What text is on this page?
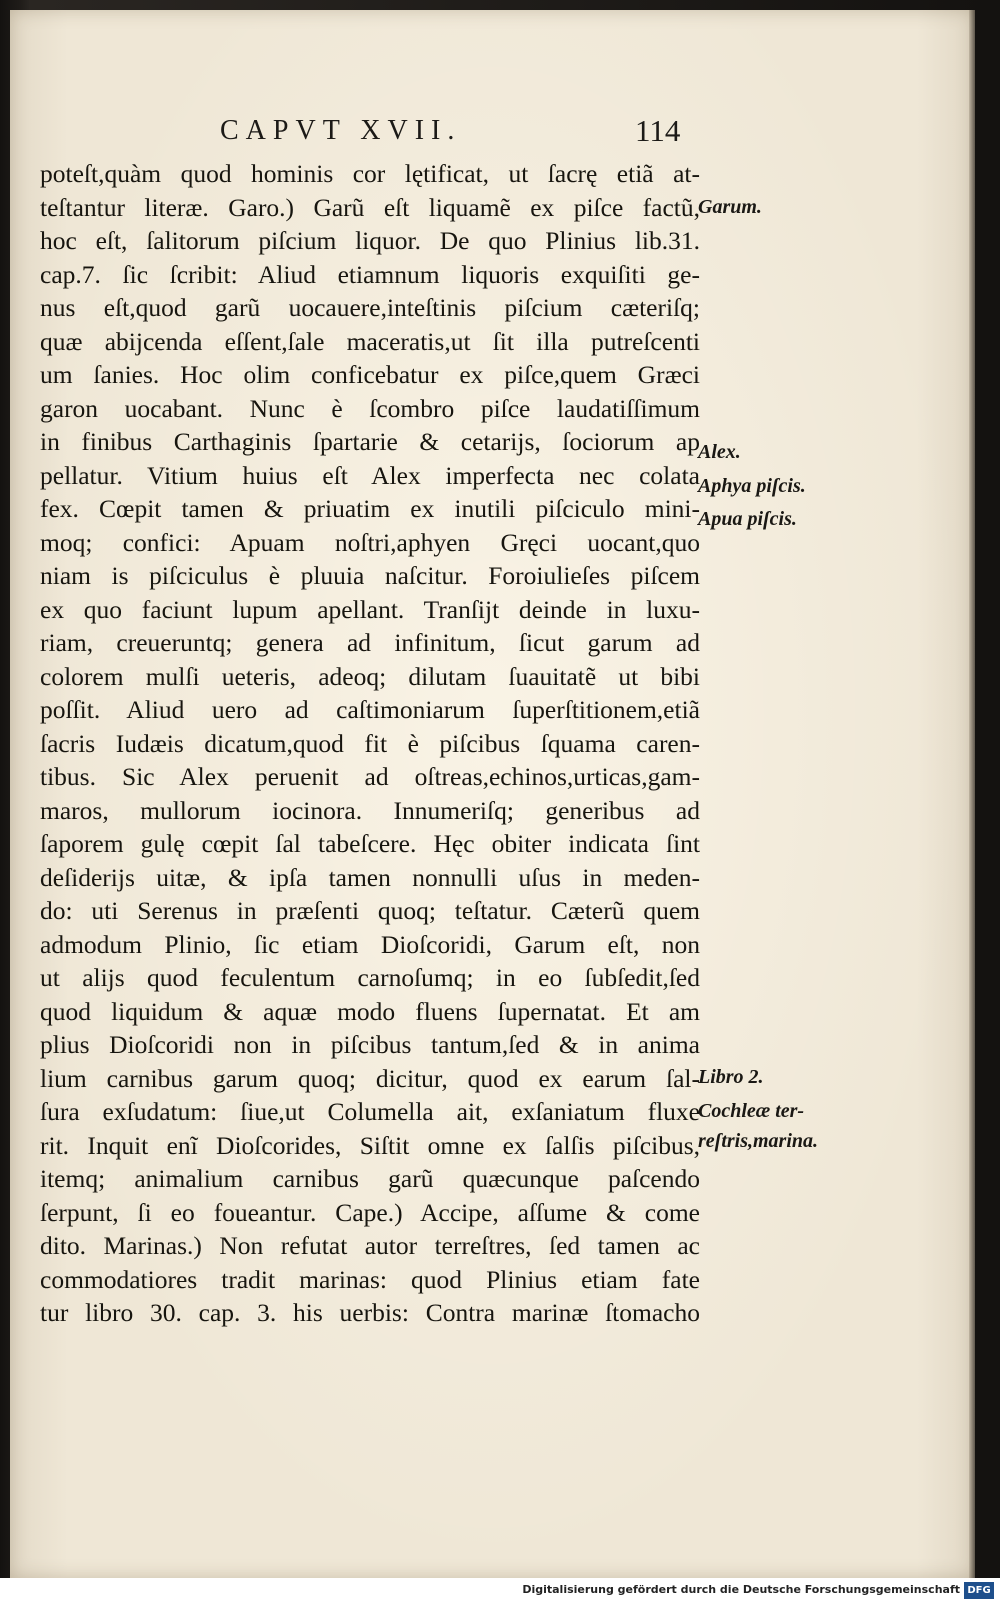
CAPVT XVII.	114
poteſt,quàm quod hominis cor lętificat, ut ſacrę etiã at-
teſtantur literæ. Garo.) Garũ eſt liquamẽ ex piſce factũ,
hoc eſt, ſalitorum piſcium liquor. De quo Plinius lib.31.
cap.7. ſic ſcribit: Aliud etiamnum liquoris exquiſiti ge-
nus eſt,quod garũ uocauere,inteſtinis piſcium cæteriſq;
quæ abijcenda eſſent,ſale maceratis,ut ſit illa putreſcenti
um ſanies. Hoc olim conficebatur ex piſce,quem Græci
garon uocabant. Nunc è ſcombro piſce laudatiſſimum
in finibus Carthaginis ſpartarie & cetarijs, ſociorum ap
pellatur. Vitium huius eſt Alex imperfecta nec colata
fex. Cœpit tamen & priuatim ex inutili piſciculo mini-
moq; confici: Apuam noſtri,aphyen Gręci uocant,quo
niam is piſciculus è pluuia naſcitur. Foroiulieſes piſcem
ex quo faciunt lupum apellant. Tranſijt deinde in luxu-
riam, creueruntq; genera ad infinitum, ſicut garum ad
colorem mulſi ueteris, adeoq; dilutam ſuauitatẽ ut bibi
poſſit. Aliud uero ad caſtimoniarum ſuperſtitionem,etiã
ſacris Iudæis dicatum,quod fit è piſcibus ſquama caren-
tibus. Sic Alex peruenit ad oſtreas,echinos,urticas,gam-
maros, mullorum iocinora. Innumeriſq; generibus ad
ſaporem gulę cœpit ſal tabeſcere. Hęc obiter indicata ſint
deſiderijs uitæ, & ipſa tamen nonnulli uſus in meden-
do: uti Serenus in præſenti quoq; teſtatur. Cæterũ quem
admodum Plinio, ſic etiam Dioſcoridi, Garum eſt, non
ut alijs quod feculentum carnoſumq; in eo ſubſedit,ſed
quod liquidum & aquæ modo fluens ſupernatat. Et am
plius Dioſcoridi non in piſcibus tantum,ſed & in anima
lium carnibus garum quoq; dicitur, quod ex earum ſal-
ſura exſudatum: ſiue,ut Columella ait, exſaniatum fluxe
rit. Inquit enĩ Dioſcorides, Siſtit omne ex ſalſis piſcibus,
itemq; animalium carnibus garũ quæcunque paſcendo
ſerpunt, ſi eo foueantur. Cape.) Accipe, aſſume & come
dito. Marinas.) Non refutat autor terreſtres, ſed tamen ac
commodatiores tradit marinas: quod Plinius etiam fate
tur libro 30. cap. 3. his uerbis: Contra marinæ ſtomacho
Garum.
Alex.
Aphya piſcis.
Apua piſcis.
Libro 2.
Cochleæ ter-
reſtris,marina.
Digitalisierung gefördert durch die Deutsche Forschungsgemeinschaft DFG
